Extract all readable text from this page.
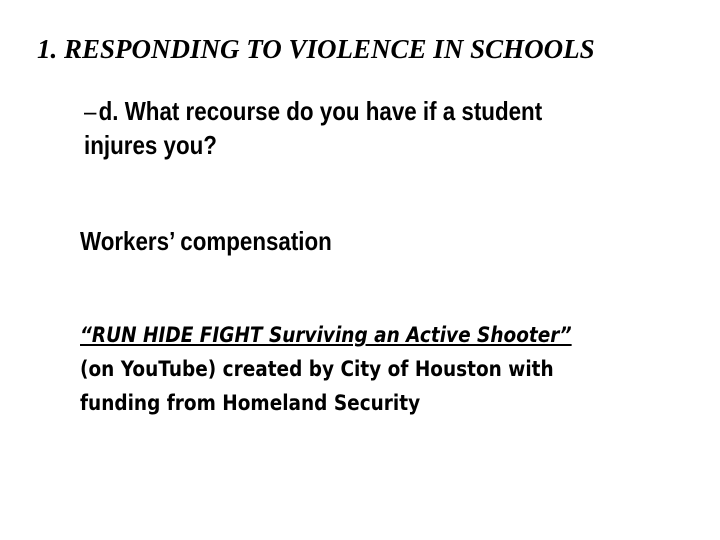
1. RESPONDING TO VIOLENCE IN SCHOOLS
–d. What recourse do you have if a student injures you?
Workers’ compensation
“RUN HIDE FIGHT Surviving an Active Shooter” (on YouTube) created by City of Houston with funding from Homeland Security
